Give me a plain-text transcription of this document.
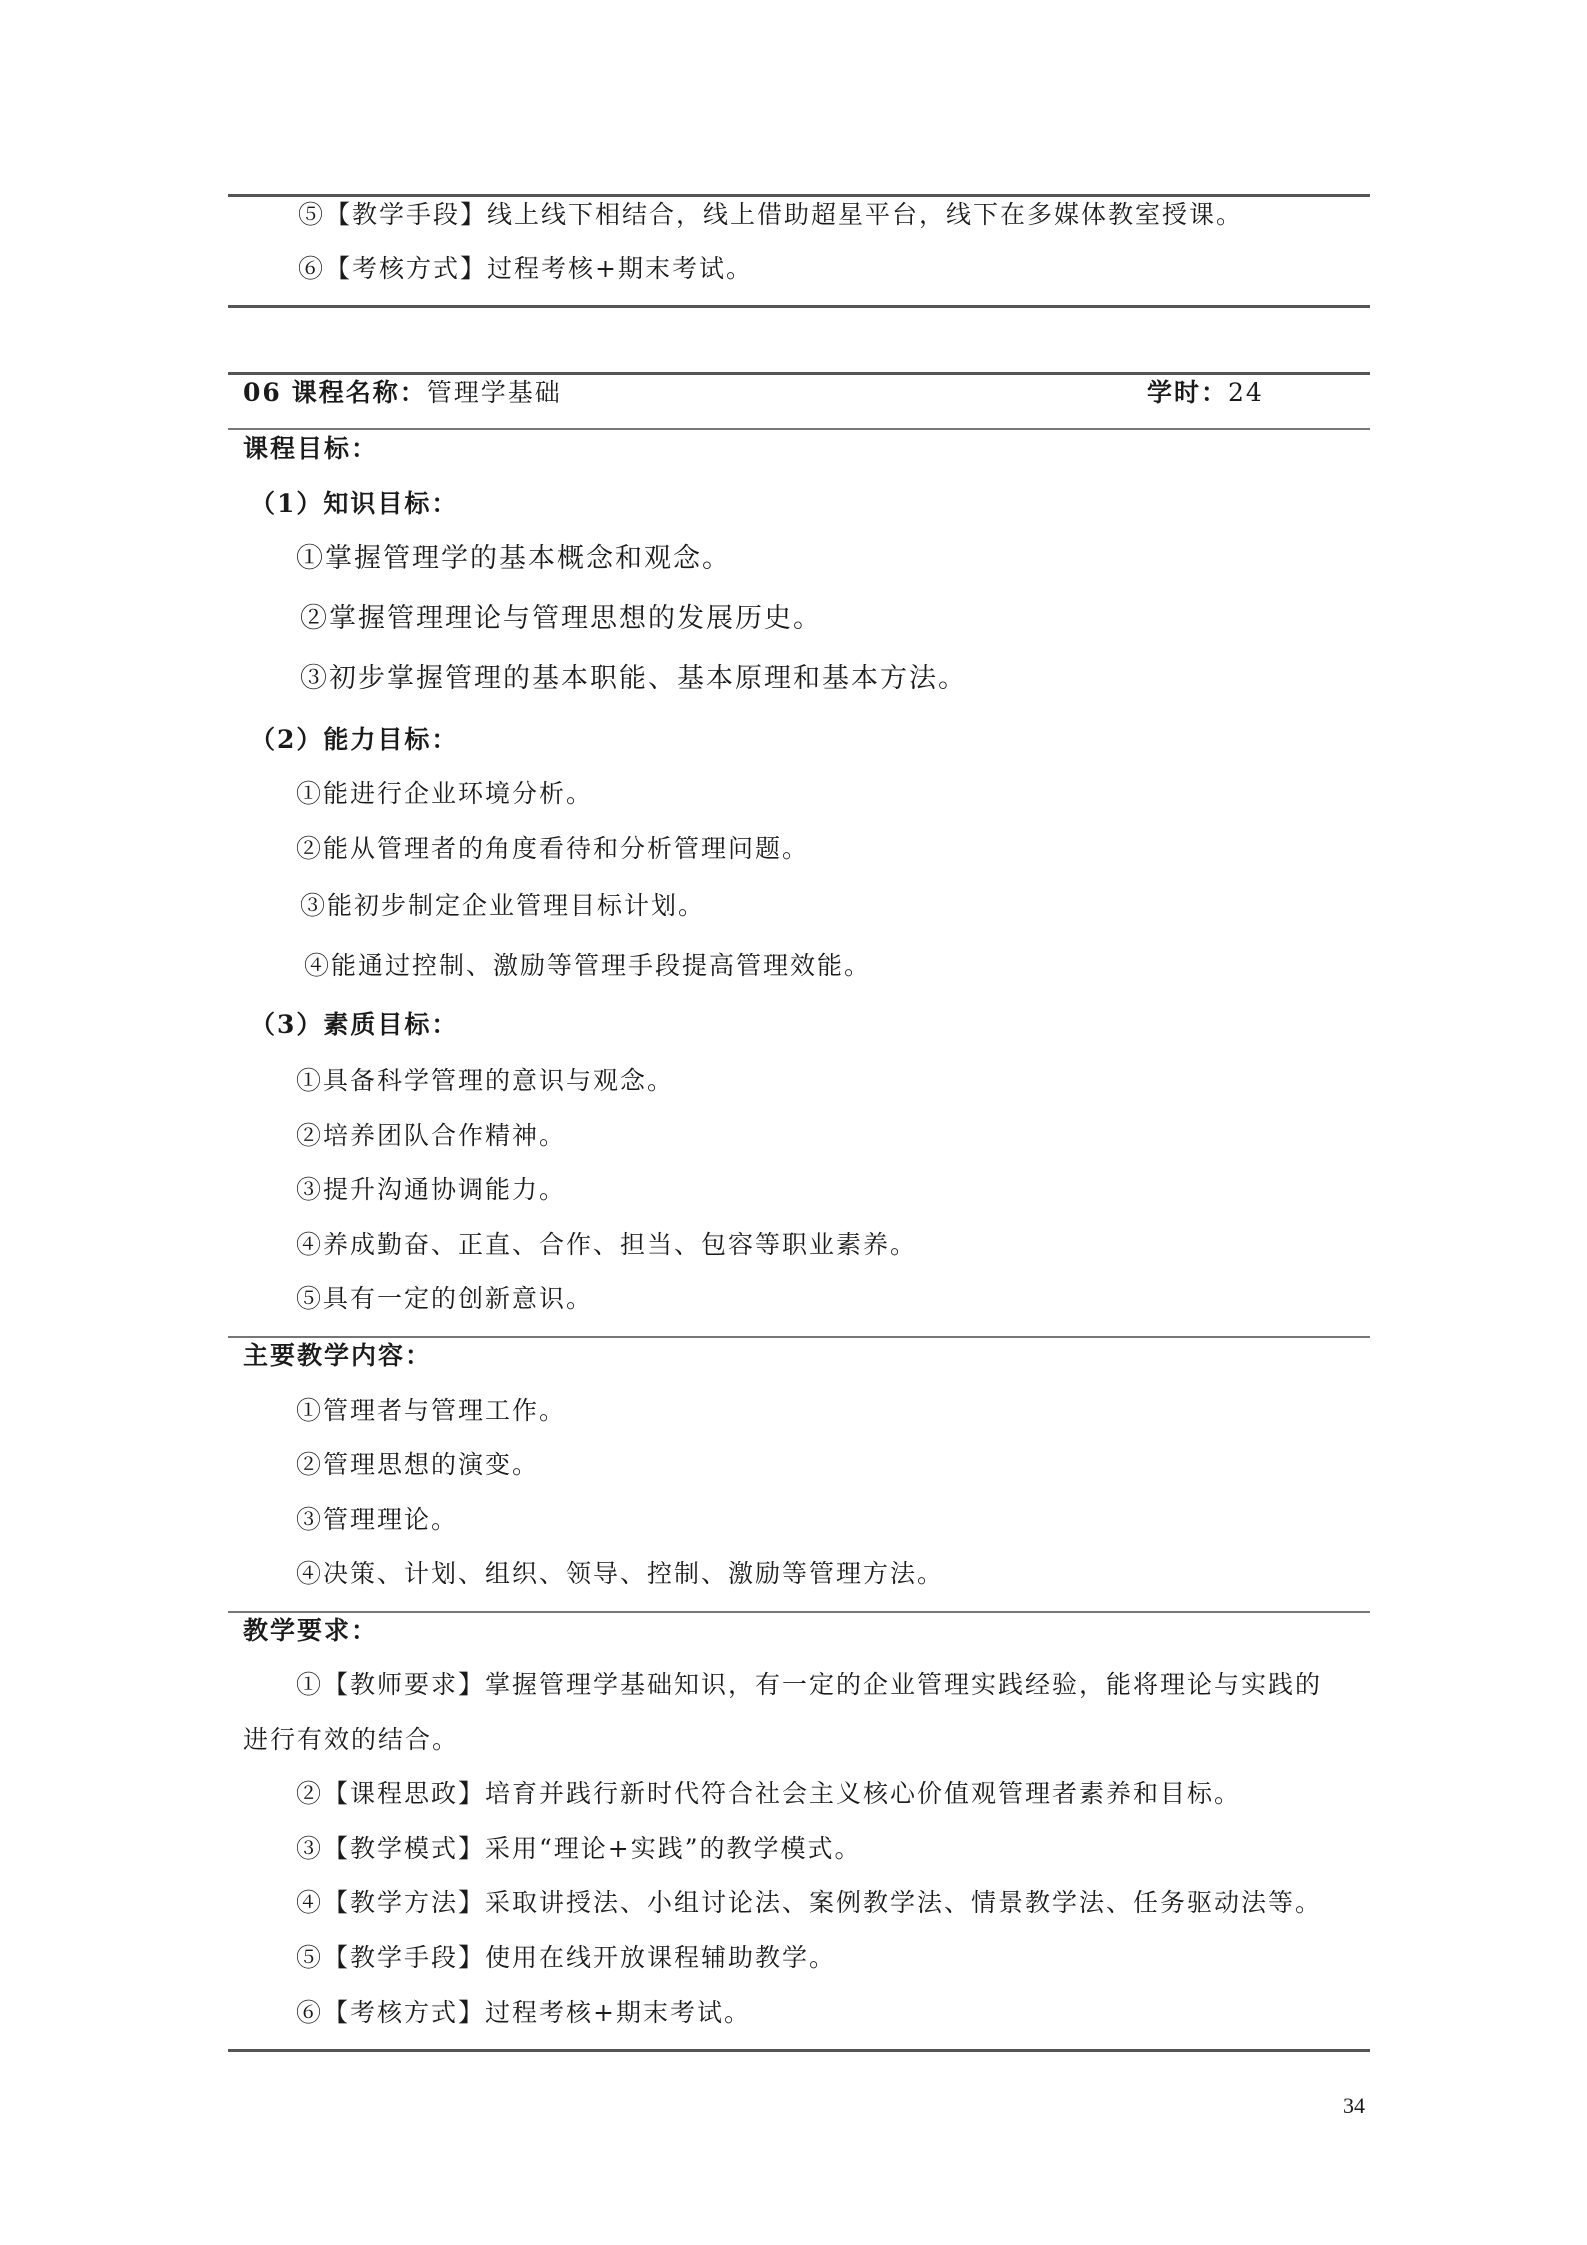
⑤【教学手段】线上线下相结合，线上借助超星平台，线下在多媒体教室授课。
⑥【考核方式】过程考核+期末考试。
06 课程名称：管理学基础	学时：24
课程目标：
（1）知识目标：
①掌握管理学的基本概念和观念。
②掌握管理理论与管理思想的发展历史。
③初步掌握管理的基本职能、基本原理和基本方法。
（2）能力目标：
①能进行企业环境分析。
②能从管理者的角度看待和分析管理问题。
③能初步制定企业管理目标计划。
④能通过控制、激励等管理手段提高管理效能。
（3）素质目标：
①具备科学管理的意识与观念。
②培养团队合作精神。
③提升沟通协调能力。
④养成勤奋、正直、合作、担当、包容等职业素养。
⑤具有一定的创新意识。
主要教学内容：
①管理者与管理工作。
②管理思想的演变。
③管理理论。
④决策、计划、组织、领导、控制、激励等管理方法。
教学要求：
①【教师要求】掌握管理学基础知识，有一定的企业管理实践经验，能将理论与实践的
进行有效的结合。
②【课程思政】培育并践行新时代符合社会主义核心价值观管理者素养和目标。
③【教学模式】采用“理论+实践”的教学模式。
④【教学方法】采取讲授法、小组讨论法、案例教学法、情景教学法、任务驱动法等。
⑤【教学手段】使用在线开放课程辅助教学。
⑥【考核方式】过程考核+期末考试。
34
